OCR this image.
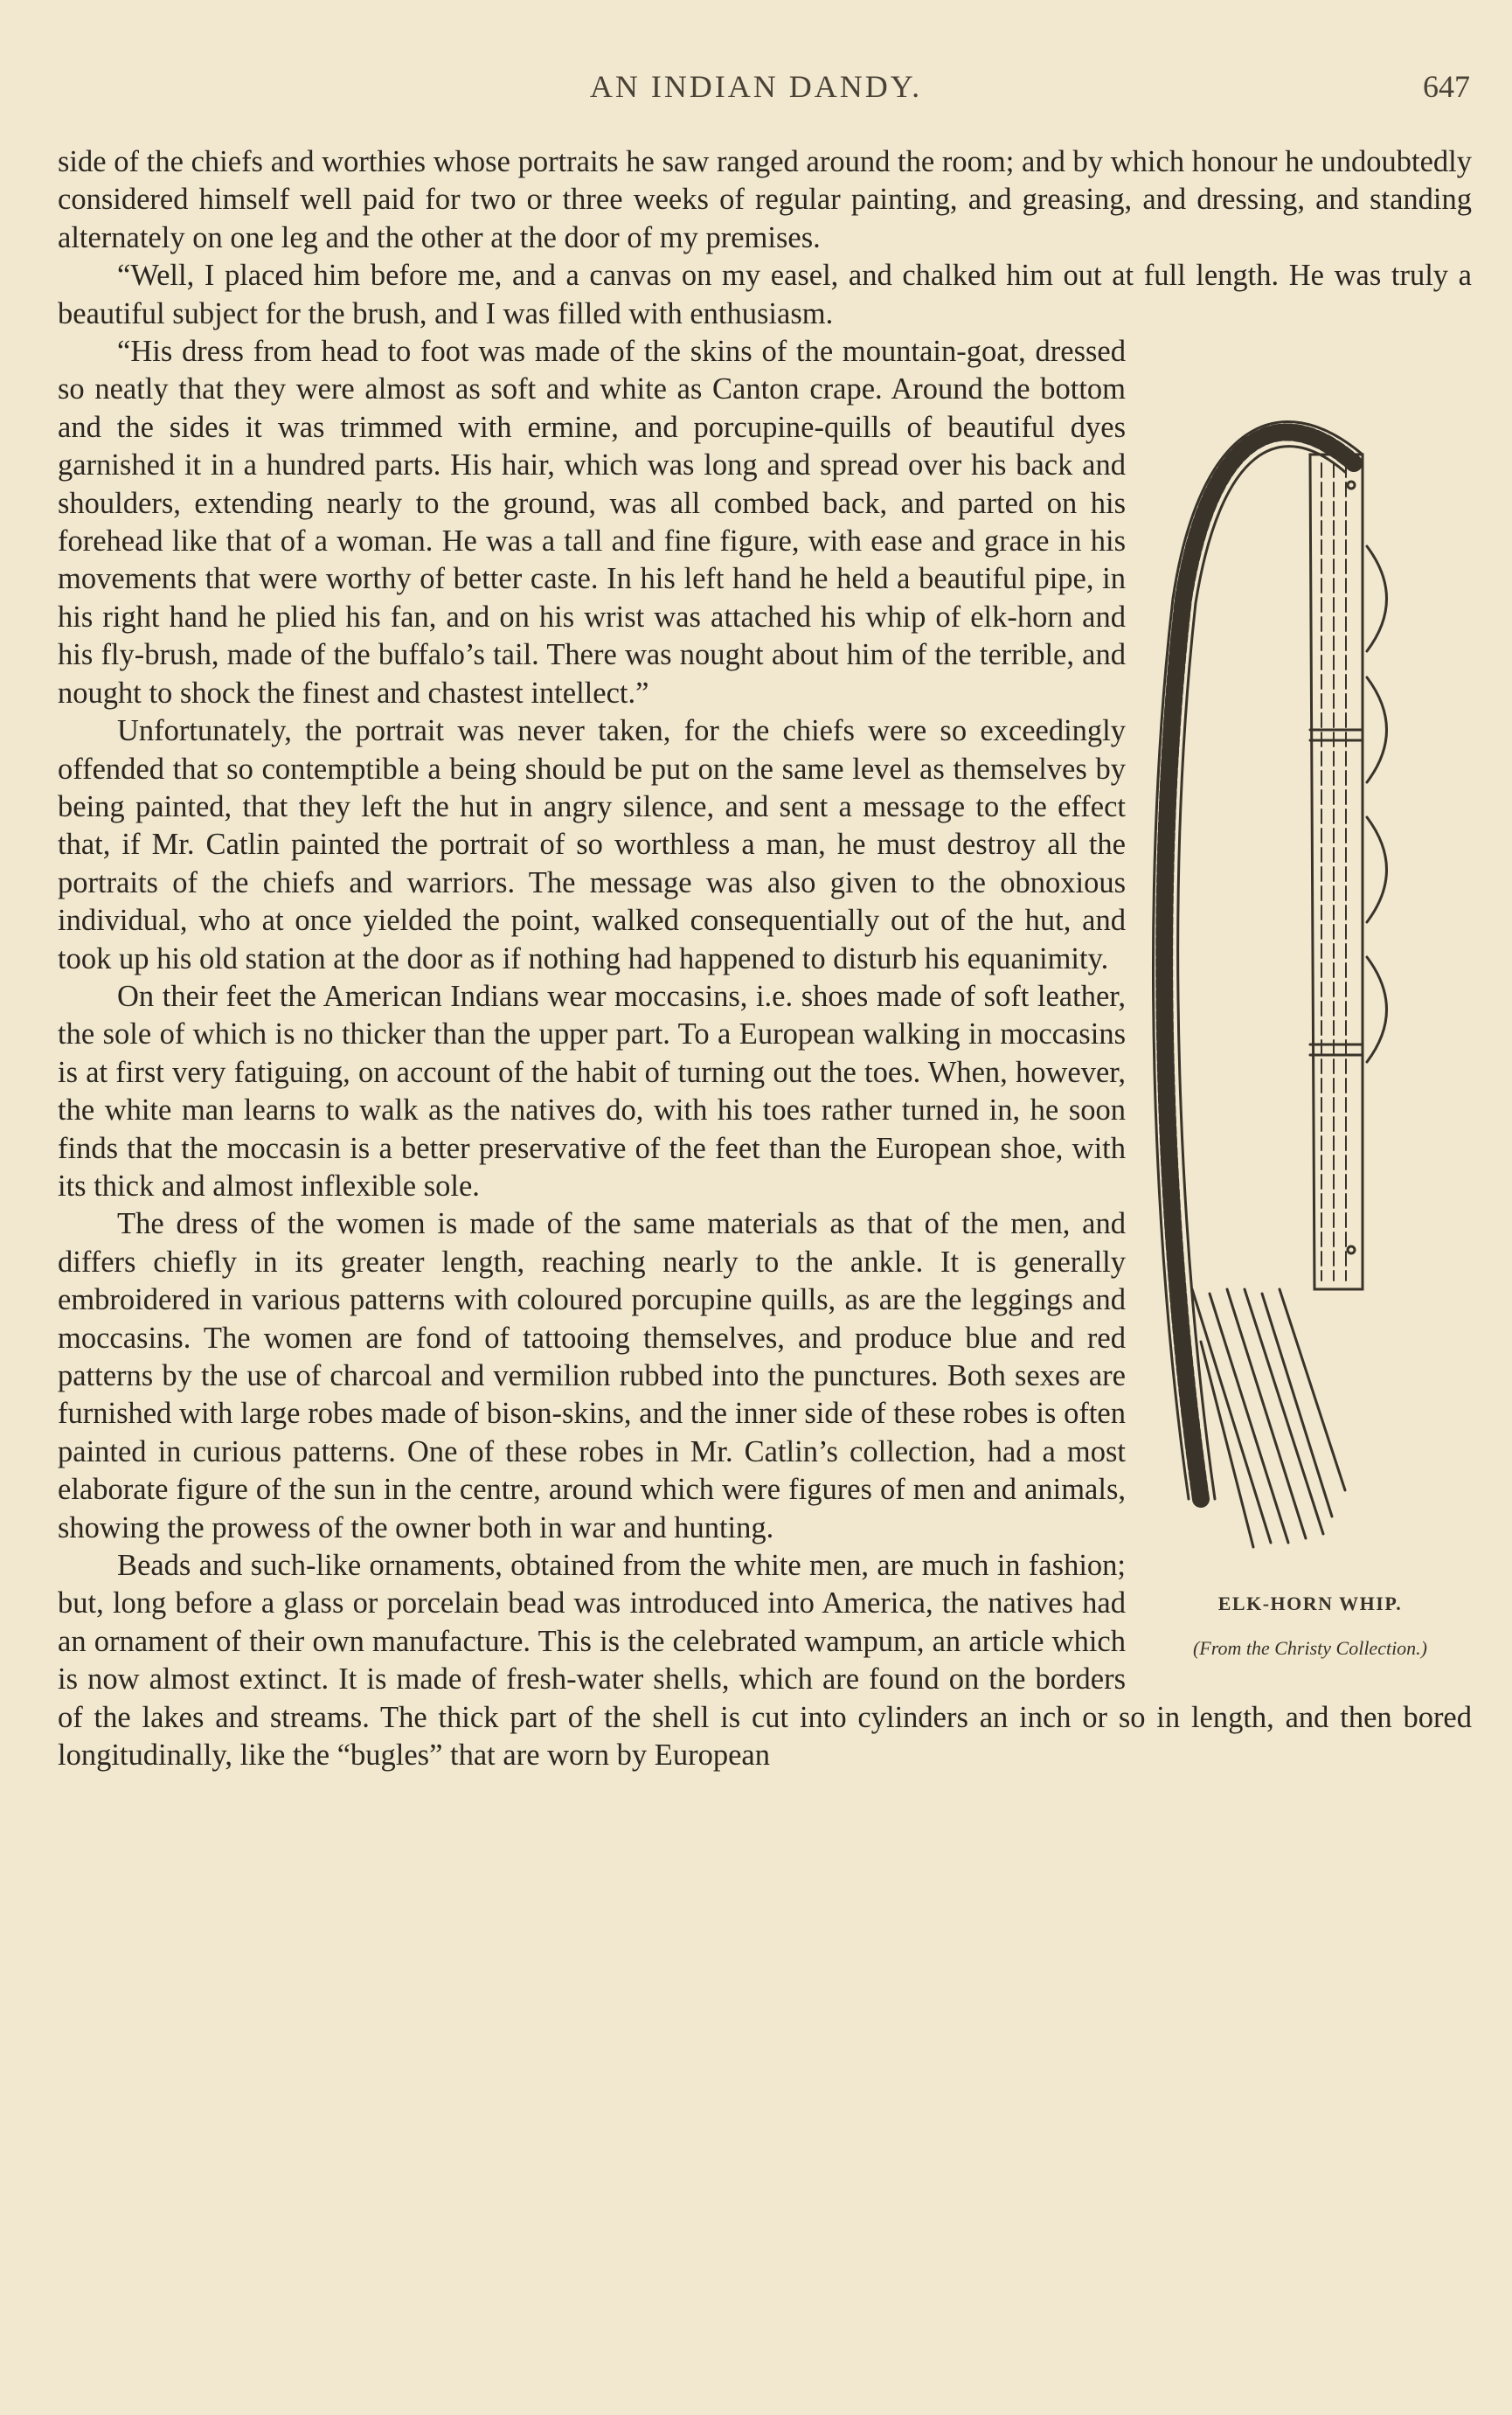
AN INDIAN DANDY.	647

side of the chiefs and worthies whose portraits he saw ranged around the room; and by which honour he undoubtedly considered himself well paid for two or three weeks of regular painting, and greasing, and dressing, and standing alternately on one leg and the other at the door of my premises.

“Well, I placed him before me, and a canvas on my easel, and chalked him out at full length. He was truly a beautiful subject for the brush, and I was filled with enthusiasm.

ELK-HORN WHIP.
(From the Christy Collection.)

“His dress from head to foot was made of the skins of the mountain-goat, dressed so neatly that they were almost as soft and white as Canton crape. Around the bottom and the sides it was trimmed with ermine, and porcupine-quills of beautiful dyes garnished it in a hundred parts. His hair, which was long and spread over his back and shoulders, extending nearly to the ground, was all combed back, and parted on his forehead like that of a woman. He was a tall and fine figure, with ease and grace in his movements that were worthy of better caste. In his left hand he held a beautiful pipe, in his right hand he plied his fan, and on his wrist was attached his whip of elk-horn and his fly-brush, made of the buffalo’s tail. There was nought about him of the terrible, and nought to shock the finest and chastest intellect.”

Unfortunately, the portrait was never taken, for the chiefs were so exceedingly offended that so contemptible a being should be put on the same level as themselves by being painted, that they left the hut in angry silence, and sent a message to the effect that, if Mr. Catlin painted the portrait of so worthless a man, he must destroy all the portraits of the chiefs and warriors. The message was also given to the obnoxious individual, who at once yielded the point, walked consequentially out of the hut, and took up his old station at the door as if nothing had happened to disturb his equanimity.

On their feet the American Indians wear moccasins, i.e. shoes made of soft leather, the sole of which is no thicker than the upper part. To a European walking in moccasins is at first very fatiguing, on account of the habit of turning out the toes. When, however, the white man learns to walk as the natives do, with his toes rather turned in, he soon finds that the moccasin is a better preservative of the feet than the European shoe, with its thick and almost inflexible sole.

The dress of the women is made of the same materials as that of the men, and differs chiefly in its greater length, reaching nearly to the ankle. It is generally embroidered in various patterns with coloured porcupine quills, as are the leggings and moccasins. The women are fond of tattooing themselves, and produce blue and red patterns by the use of charcoal and vermilion rubbed into the punctures. Both sexes are furnished with large robes made of bison-skins, and the inner side of these robes is often painted in curious patterns. One of these robes in Mr. Catlin’s collection, had a most elaborate figure of the sun in the centre, around which were figures of men and animals, showing the prowess of the owner both in war and hunting.

Beads and such-like ornaments, obtained from the white men, are much in fashion; but, long before a glass or porcelain bead was introduced into America, the natives had an ornament of their own manufacture. This is the celebrated wampum, an article which is now almost extinct. It is made of fresh-water shells, which are found on the borders of the lakes and streams. The thick part of the shell is cut into cylinders an inch or so in length, and then bored longitudinally, like the “bugles” that are worn by European
